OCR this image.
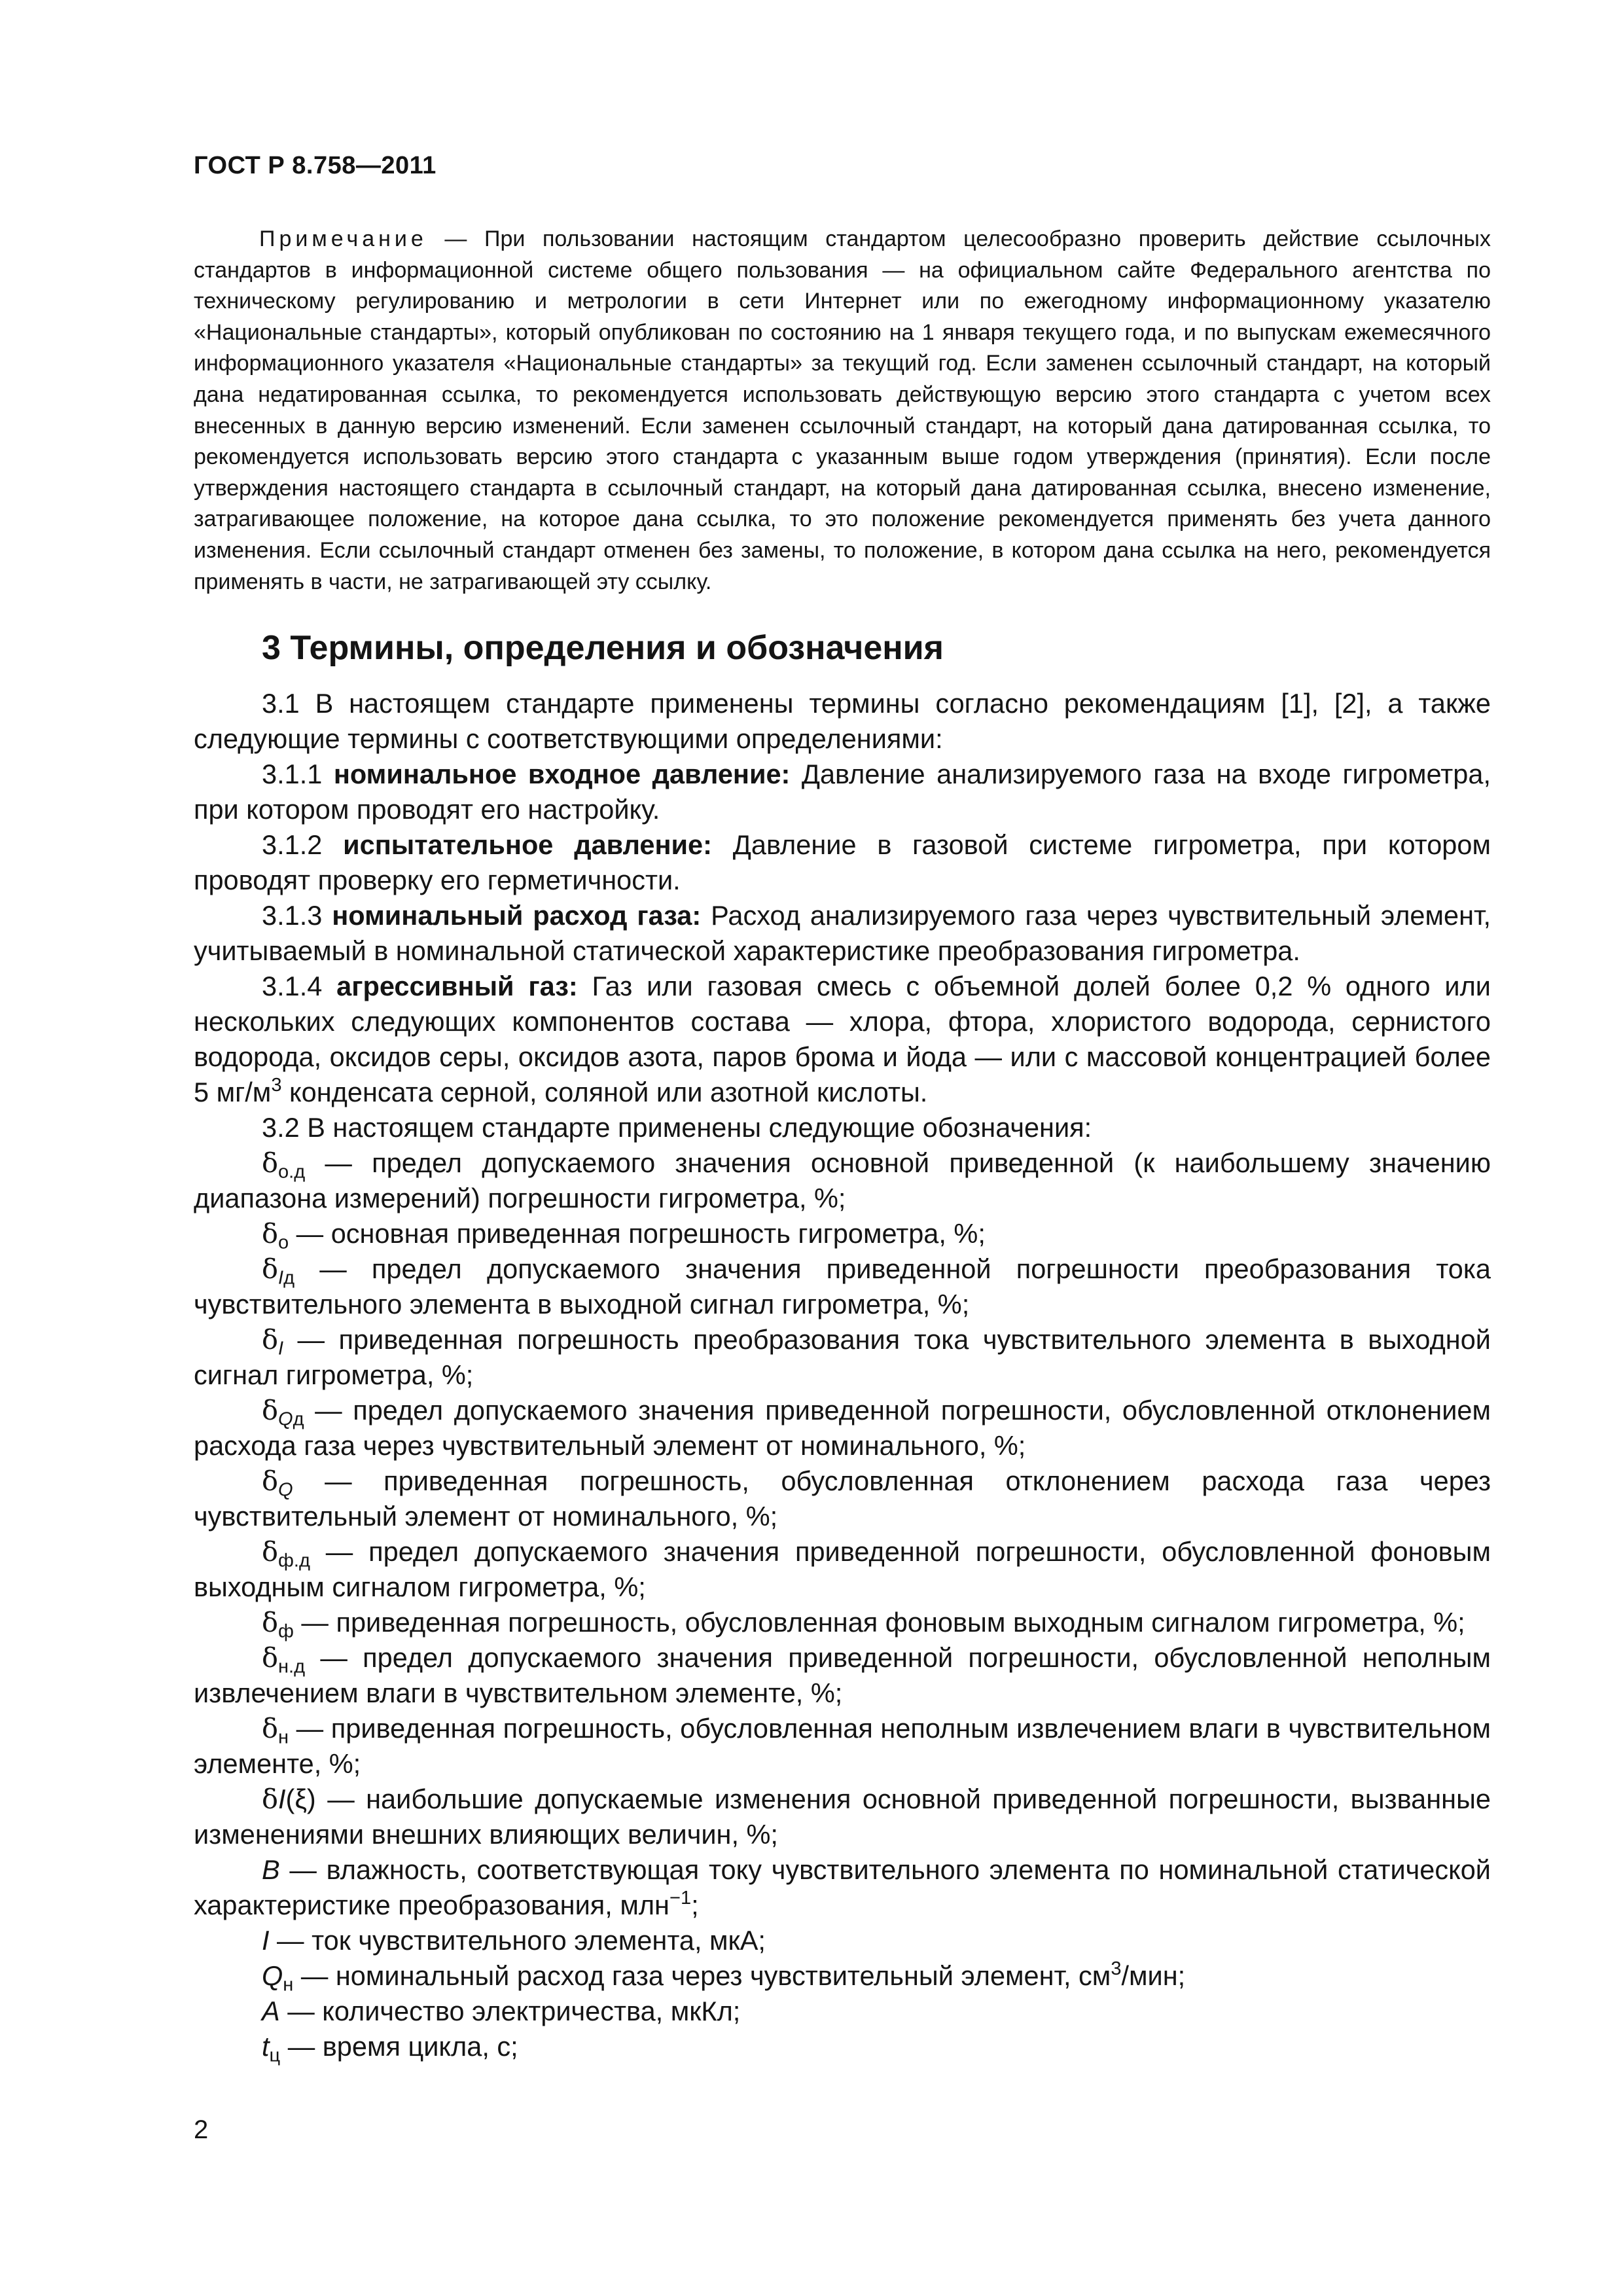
ГОСТ Р 8.758—2011

Примечание — При пользовании настоящим стандартом целесообразно проверить действие ссылочных стандартов в информационной системе общего пользования — на официальном сайте Федерального агентства по техническому регулированию и метрологии в сети Интернет или по ежегодному информационному указателю «Национальные стандарты», который опубликован по состоянию на 1 января текущего года, и по выпускам ежемесячного информационного указателя «Национальные стандарты» за текущий год. Если заменен ссылочный стандарт, на который дана недатированная ссылка, то рекомендуется использовать действующую версию этого стандарта с учетом всех внесенных в данную версию изменений. Если заменен ссылочный стандарт, на который дана датированная ссылка, то рекомендуется использовать версию этого стандарта с указанным выше годом утверждения (принятия). Если после утверждения настоящего стандарта в ссылочный стандарт, на который дана датированная ссылка, внесено изменение, затрагивающее положение, на которое дана ссылка, то это положение рекомендуется применять без учета данного изменения. Если ссылочный стандарт отменен без замены, то положение, в котором дана ссылка на него, рекомендуется применять в части, не затрагивающей эту ссылку.

3 Термины, определения и обозначения

3.1 В настоящем стандарте применены термины согласно рекомендациям [1], [2], а также следующие термины с соответствующими определениями:

3.1.1 номинальное входное давление: Давление анализируемого газа на входе гигрометра, при котором проводят его настройку.

3.1.2 испытательное давление: Давление в газовой системе гигрометра, при котором проводят проверку его герметичности.

3.1.3 номинальный расход газа: Расход анализируемого газа через чувствительный элемент, учитываемый в номинальной статической характеристике преобразования гигрометра.

3.1.4 агрессивный газ: Газ или газовая смесь с объемной долей более 0,2 % одного или нескольких следующих компонентов состава — хлора, фтора, хлористого водорода, сернистого водорода, оксидов серы, оксидов азота, паров брома и йода — или с массовой концентрацией более 5 $мг/м^3$ конденсата серной, соляной или азотной кислоты.

3.2 В настоящем стандарте применены следующие обозначения:

$\delta_{о.д}$ — предел допускаемого значения основной приведенной (к наибольшему значению диапазона измерений) погрешности гигрометра, %;

$\delta_о$ — основная приведенная погрешность гигрометра, %;

$\delta_{Iд}$ — предел допускаемого значения приведенной погрешности преобразования тока чувствительного элемента в выходной сигнал гигрометра, %;

$\delta_I$ — приведенная погрешность преобразования тока чувствительного элемента в выходной сигнал гигрометра, %;

$\delta_{Qд}$ — предел допускаемого значения приведенной погрешности, обусловленной отклонением расхода газа через чувствительный элемент от номинального, %;

$\delta_Q$ — приведенная погрешность, обусловленная отклонением расхода газа через чувствительный элемент от номинального, %;

$\delta_{ф.д}$ — предел допускаемого значения приведенной погрешности, обусловленной фоновым выходным сигналом гигрометра, %;

$\delta_ф$ — приведенная погрешность, обусловленная фоновым выходным сигналом гигрометра, %;

$\delta_{н.д}$ — предел допускаемого значения приведенной погрешности, обусловленной неполным извлечением влаги в чувствительном элементе, %;

$\delta_н$ — приведенная погрешность, обусловленная неполным извлечением влаги в чувствительном элементе, %;

δI(ξ) — наибольшие допускаемые изменения основной приведенной погрешности, вызванные изменениями внешних влияющих величин, %;

В — влажность, соответствующая току чувствительного элемента по номинальной статической характеристике преобразования, млн$^{-1}$;

I — ток чувствительного элемента, мкА;

$Q_н$ — номинальный расход газа через чувствительный элемент, $см^3$/мин;

А — количество электричества, мкКл;

$t_ц$ — время цикла, с;

2
